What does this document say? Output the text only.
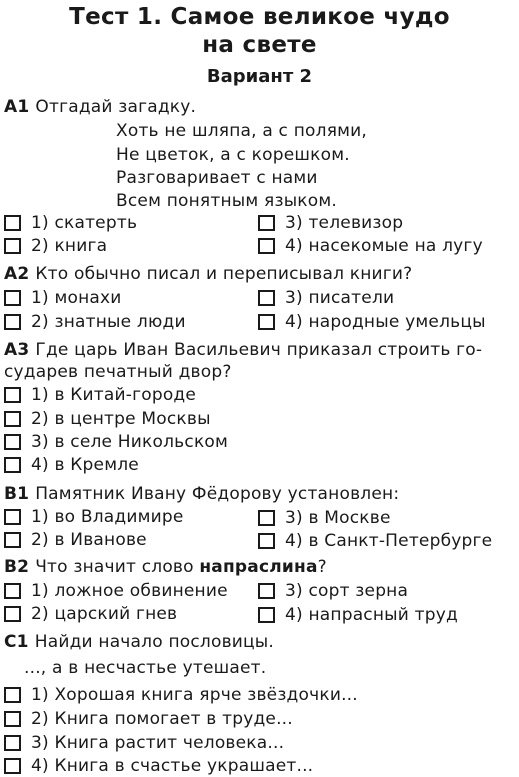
Тест 1. Самое великое чудо
на свете
Вариант 2
A1 Отгадай загадку.
Хоть не шляпа, а с полями,
Не цветок, а с корешком.
Разговаривает с нами
Всем понятным языком.
1) скатерть
2) книга
3) телевизор
4) насекомые на лугу
A2 Кто обычно писал и переписывал книги?
1) монахи
2) знатные люди
3) писатели
4) народные умельцы
A3 Где царь Иван Васильевич приказал строить го-
сударев печатный двор?
1) в Китай-городе
2) в центре Москвы
3) в селе Никольском
4) в Кремле
B1 Памятник Ивану Фёдорову установлен:
1) во Владимире
2) в Иванове
3) в Москве
4) в Санкт-Петербурге
B2 Что значит слово напраслина?
1) ложное обвинение
2) царский гнев
3) сорт зерна
4) напрасный труд
C1 Найди начало пословицы.
..., а в несчастье утешает.
1) Хорошая книга ярче звёздочки...
2) Книга помогает в труде...
3) Книга растит человека...
4) Книга в счастье украшает...
